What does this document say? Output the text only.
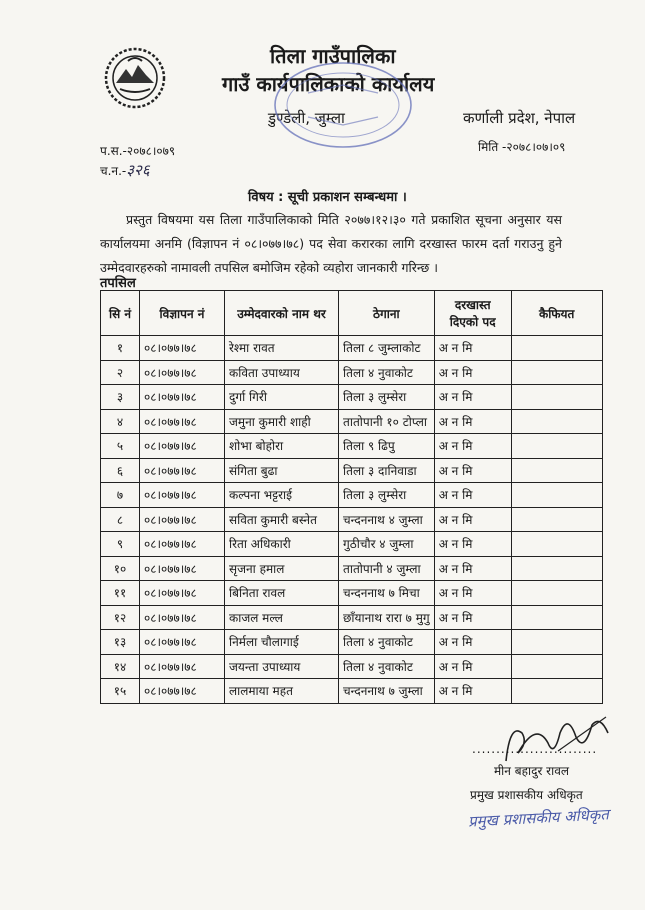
तिला गाउँपालिका
गाउँ कार्यपालिकाको कार्यालय
डुण्डेली, जुम्ला	कर्णाली प्रदेश, नेपाल
प.स.-२०७८।०७९	मिति -२०७८।०७।०९
च.न.-३२६
विषय : सूची प्रकाशन सम्बन्धमा ।
प्रस्तुत विषयमा यस तिला गाउँपालिकाको मिति २०७७।१२।३० गते प्रकाशित सूचना अनुसार यस कार्यालयमा अनमि (विज्ञापन नं ०८।०७७।७८) पद सेवा करारका लागि दरखास्त फारम दर्ता गराउनु हुने उम्मेदवारहरुको नामावली तपसिल बमोजिम रहेको व्यहोरा जानकारी गरिन्छ ।
तपसिल
सि नं	विज्ञापन नं	उम्मेदवारको नाम थर	ठेगाना	दरखास्त दिएको पद	कैफियत
१	०८।०७७।७८	रेश्मा रावत	तिला ८ जुम्लाकोट	अ न मि	
२	०८।०७७।७८	कविता उपाध्याय	तिला ४ नुवाकोट	अ न मि	
३	०८।०७७।७८	दुर्गा गिरी	तिला ३ लुम्सेरा	अ न मि	
४	०८।०७७।७८	जमुना कुमारी शाही	तातोपानी १० टोप्ला	अ न मि	
५	०८।०७७।७८	शोभा बोहोरा	तिला ९ ढिपु	अ न मि	
६	०८।०७७।७८	संगिता बुढा	तिला ३ दानिवाडा	अ न मि	
७	०८।०७७।७८	कल्पना भट्टराई	तिला ३ लुम्सेरा	अ न मि	
८	०८।०७७।७८	सविता कुमारी बस्नेत	चन्दननाथ ४ जुम्ला	अ न मि	
९	०८।०७७।७८	रिता अधिकारी	गुठीचौर ४ जुम्ला	अ न मि	
१०	०८।०७७।७८	सृजना हमाल	तातोपानी ४ जुम्ला	अ न मि	
११	०८।०७७।७८	बिनिता रावल	चन्दननाथ ७ मिचा	अ न मि	
१२	०८।०७७।७८	काजल मल्ल	छाँयानाथ रारा ७ मुगु	अ न मि	
१३	०८।०७७।७८	निर्मला चौलागाई	तिला ४ नुवाकोट	अ न मि	
१४	०८।०७७।७८	जयन्ता उपाध्याय	तिला ४ नुवाकोट	अ न मि	
१५	०८।०७७।७८	लालमाया महत	चन्दननाथ ७ जुम्ला	अ न मि	
..........................
मीन बहादुर रावल
प्रमुख प्रशासकीय अधिकृत
प्रमुख प्रशासकीय अधिकृत
